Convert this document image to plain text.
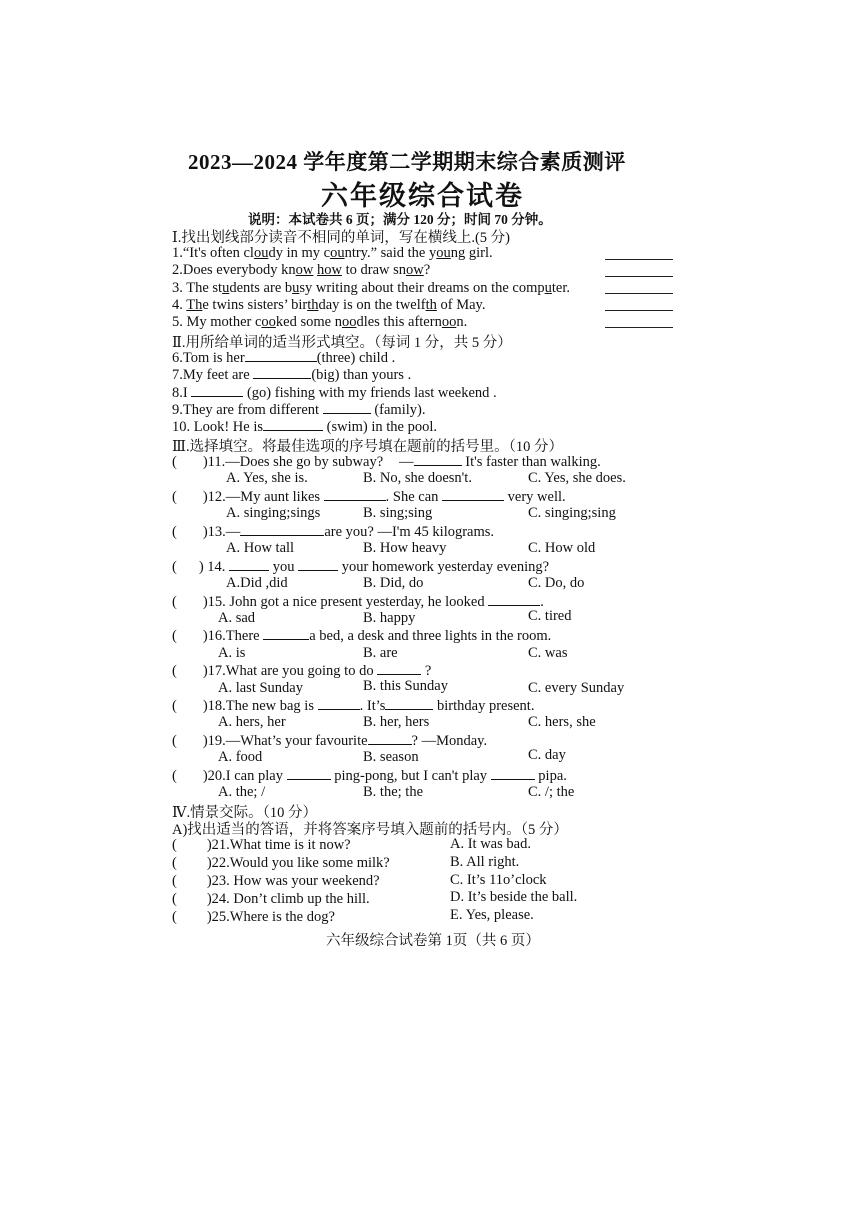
2023—2024 学年度第二学期期末综合素质测评
六年级综合试卷
说明：本试卷共 6 页；满分 120 分；时间 70 分钟。
Ⅰ.找出划线部分读音不相同的单词，写在横线上.(5 分)
1.“It's often cloudy in my country.” said the young girl.
2.Does everybody know how to draw snow?
3. The students are busy writing about their dreams on the computer.
4. The twins sisters’ birthday is on the twelfth of May.
5. My mother cooked some noodles this afternoon.
Ⅱ.用所给单词的适当形式填空。（每词 1 分，共 5 分）
6.Tom is her	(three) child .
7.My feet are	(big) than yours .
8.I	(go) fishing with my friends last weekend .
9.They are from different	(family).
10. Look! He is	(swim) in the pool.
Ⅲ.选择填空。将最佳选项的序号填在题前的括号里。（10 分）
( )11.—Does she go by subway? —	It's faster than walking.
A. Yes, she is.	B. No, she doesn't.	C. Yes, she does.
( )12.—My aunt likes	. She can	very well.
A. singing;sings	B. sing;sing	C. singing;sing
( )13.—	are you? —I'm 45 kilograms.
A. How tall	B. How heavy	C. How old
( ) 14.	you	your homework yesterday evening?
A.Did ,did	B. Did, do	C. Do, do
( )15. John got a nice present yesterday, he looked	.
A. sad	B. happy	C. tired
( )16.There	a bed, a desk and three lights in the room.
A. is	B. are	C. was
( )17.What are you going to do	?
A. last Sunday	B. this Sunday	C. every Sunday
( )18.The new bag is	. It’s	birthday present.
A. hers, her	B. her, hers	C. hers, she
( )19.—What’s your favourite	? —Monday.
A. food	B. season	C. day
( )20.I can play	ping-pong, but I can't play	pipa.
A. the; /	B. the; the	C. /; the
Ⅳ.情景交际。（10 分）
A)找出适当的答语，并将答案序号填入题前的括号内。（5 分）
( )21.What time is it now?
( )22.Would you like some milk?
( )23. How was your weekend?
( )24. Don’t climb up the hill.
( )25.Where is the dog?
A. It was bad.
B. All right.
C. It’s 11o’clock
D. It’s beside the ball.
E. Yes, please.
六年级综合试卷第 1页（共 6 页）
